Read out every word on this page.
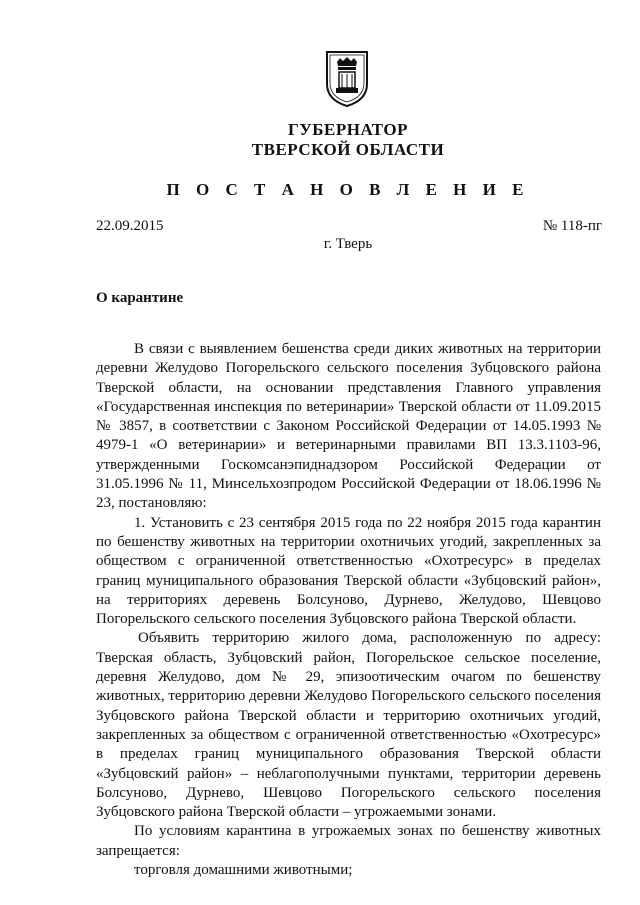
ГУБЕРНАТОР
ТВЕРСКОЙ ОБЛАСТИ
П О С Т А Н О В Л Е Н И Е
22.09.2015	№ 118-пг
г. Тверь
О карантине

В связи с выявлением бешенства среди диких животных на территории деревни Желудово Погорельского сельского поселения Зубцовского района Тверской области, на основании представления Главного управления «Государственная инспекция по ветеринарии» Тверской области от 11.09.2015 № 3857, в соответствии с Законом Российской Федерации от 14.05.1993 № 4979-1 «О ветеринарии» и ветеринарными правилами ВП 13.3.1103-96, утвержденными Госкомсанэпиднадзором Российской Федерации от 31.05.1996 № 11, Минсельхозпродом Российской Федерации от 18.06.1996 № 23, постановляю:

1. Установить с 23 сентября 2015 года по 22 ноября 2015 года карантин по бешенству животных на территории охотничьих угодий, закрепленных за обществом с ограниченной ответственностью «Охотресурс» в пределах границ муниципального образования Тверской области «Зубцовский район», на территориях деревень Болсуново, Дурнево, Желудово, Шевцово Погорельского сельского поселения Зубцовского района Тверской области.

Объявить территорию жилого дома, расположенную по адресу: Тверская область, Зубцовский район, Погорельское сельское поселение, деревня Желудово, дом № 29, эпизоотическим очагом по бешенству животных, территорию деревни Желудово Погорельского сельского поселения Зубцовского района Тверской области и территорию охотничьих угодий, закрепленных за обществом с ограниченной ответственностью «Охотресурс» в пределах границ муниципального образования Тверской области «Зубцовский район» – неблагополучными пунктами, территории деревень Болсуново, Дурнево, Шевцово Погорельского сельского поселения Зубцовского района Тверской области – угрожаемыми зонами.

По условиям карантина в угрожаемых зонах по бешенству животных запрещается:

торговля домашними животными;
